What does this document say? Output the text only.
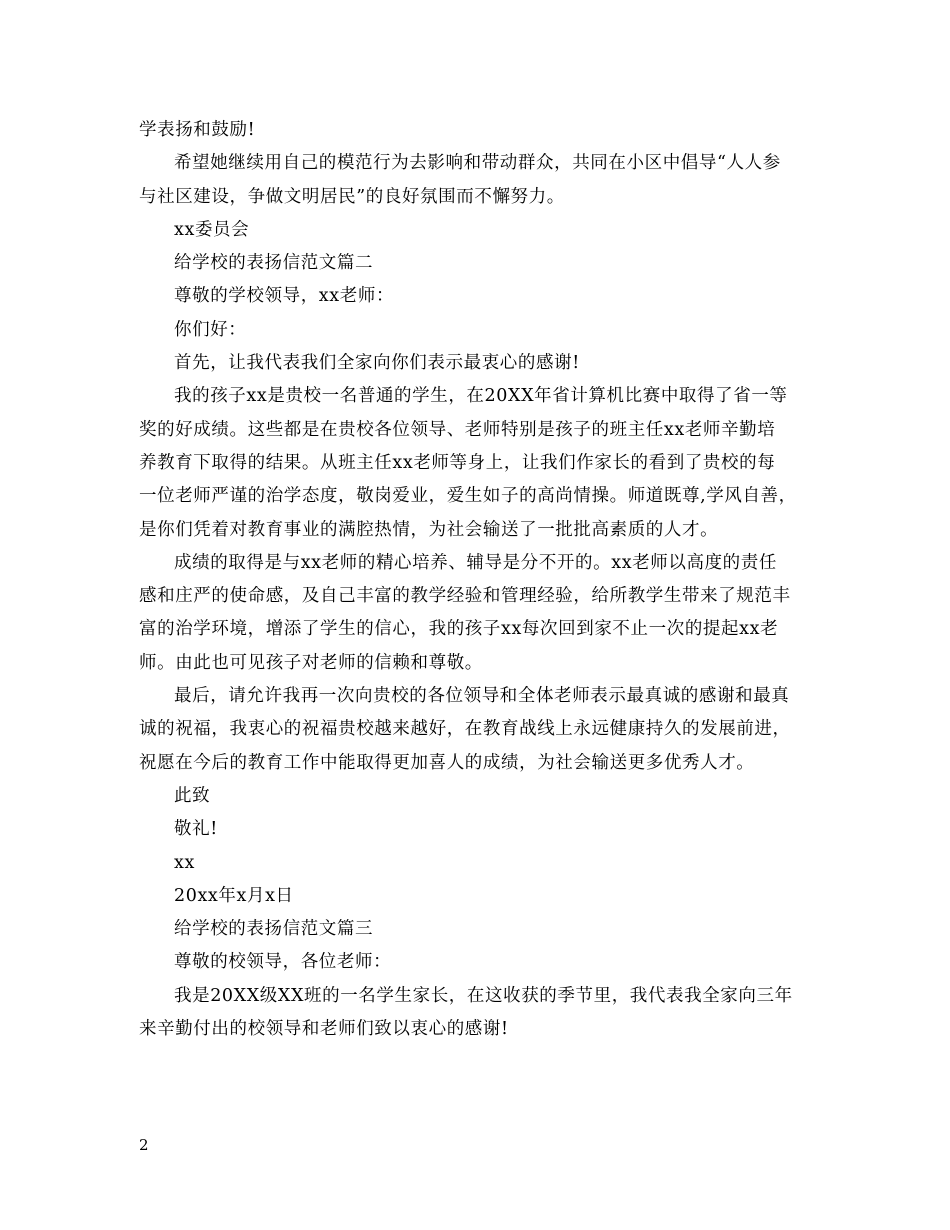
学表扬和鼓励!

希望她继续用自己的模范行为去影响和带动群众，共同在小区中倡导“人人参

与社区建设，争做文明居民”的良好氛围而不懈努力。

xx委员会

给学校的表扬信范文篇二

尊敬的学校领导，xx老师：

你们好：

首先，让我代表我们全家向你们表示最衷心的感谢!

我的孩子xx是贵校一名普通的学生，在20XX年省计算机比赛中取得了省一等

奖的好成绩。这些都是在贵校各位领导、老师特别是孩子的班主任xx老师辛勤培

养教育下取得的结果。从班主任xx老师等身上，让我们作家长的看到了贵校的每

一位老师严谨的治学态度，敬岗爱业，爱生如子的高尚情操。师道既尊,学风自善，

是你们凭着对教育事业的满腔热情，为社会输送了一批批高素质的人才。

成绩的取得是与xx老师的精心培养、辅导是分不开的。xx老师以高度的责任

感和庄严的使命感，及自己丰富的教学经验和管理经验，给所教学生带来了规范丰

富的治学环境，增添了学生的信心，我的孩子xx每次回到家不止一次的提起xx老

师。由此也可见孩子对老师的信赖和尊敬。

最后，请允许我再一次向贵校的各位领导和全体老师表示最真诚的感谢和最真

诚的祝福，我衷心的祝福贵校越来越好，在教育战线上永远健康持久的发展前进，

祝愿在今后的教育工作中能取得更加喜人的成绩，为社会输送更多优秀人才。

此致

敬礼!

xx

20xx年x月x日

给学校的表扬信范文篇三

尊敬的校领导，各位老师：

我是20XX级XX班的一名学生家长，在这收获的季节里，我代表我全家向三年

来辛勤付出的校领导和老师们致以衷心的感谢!

2
